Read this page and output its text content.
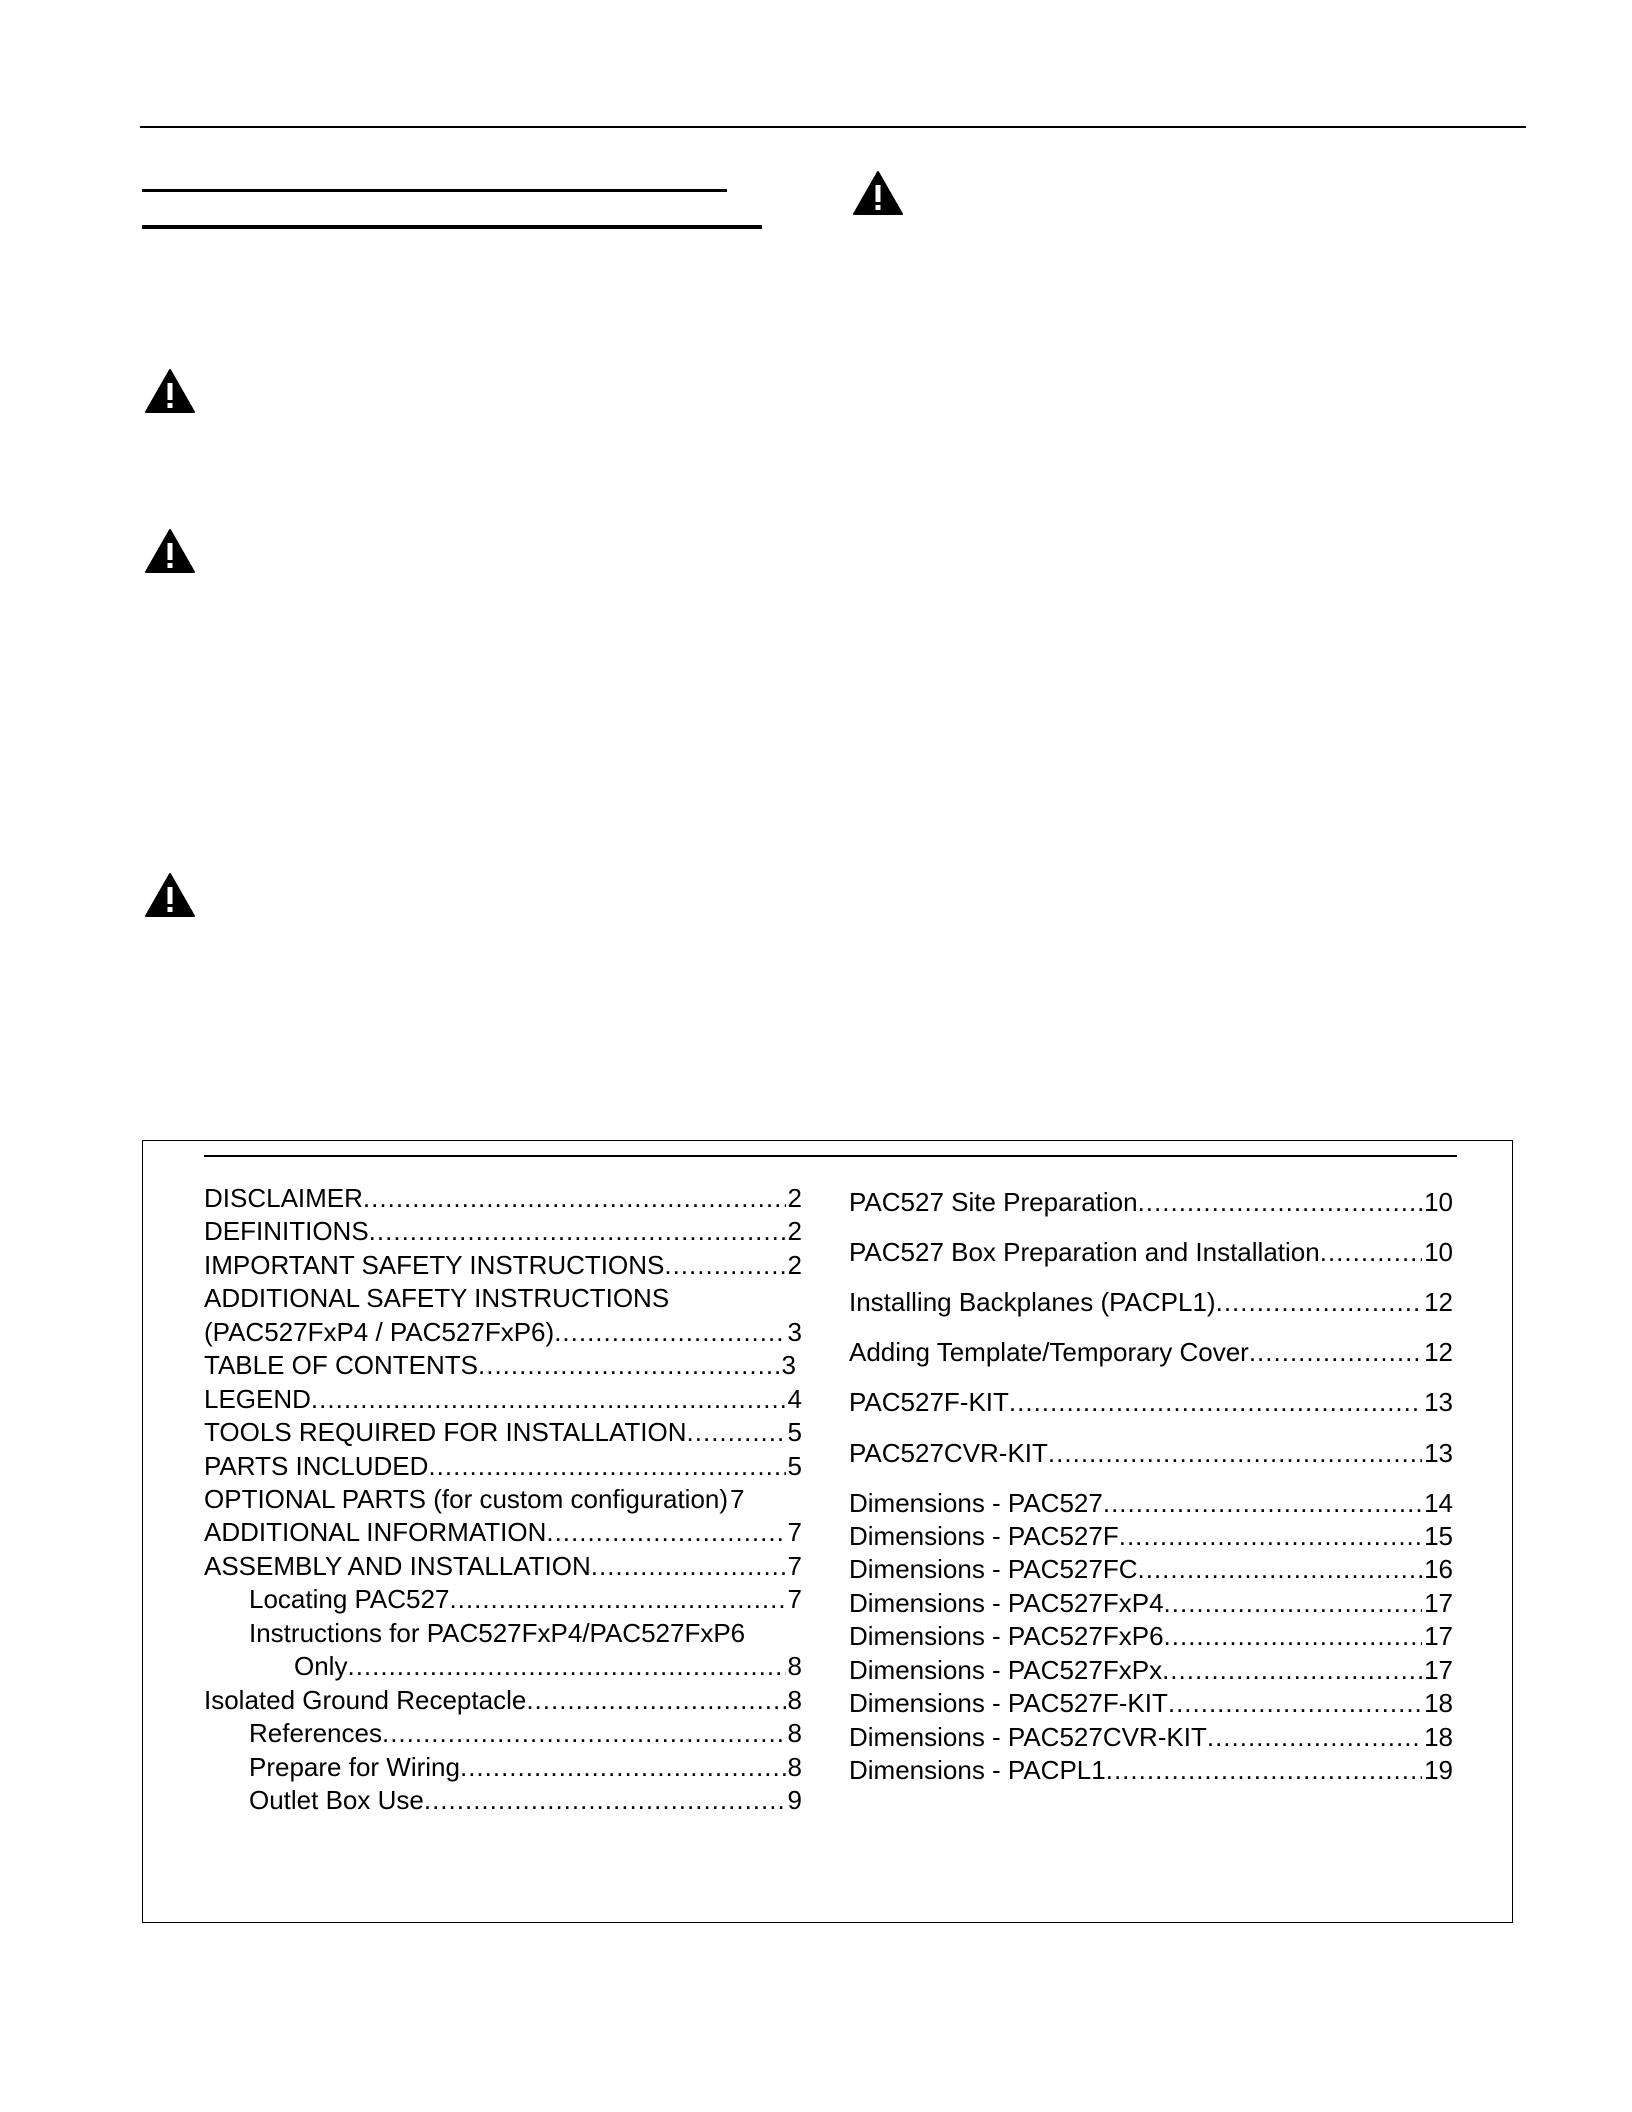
DISCLAIMER .....	2
DEFINITIONS .....	2
IMPORTANT SAFETY INSTRUCTIONS .....	2
ADDITIONAL SAFETY INSTRUCTIONS
(PAC527FxP4 / PAC527FxP6) .....	3
TABLE OF CONTENTS .....	3
LEGEND .....	4
TOOLS REQUIRED FOR INSTALLATION .....	5
PARTS INCLUDED .....	5
OPTIONAL PARTS (for custom configuration) 7
ADDITIONAL INFORMATION .....	7
ASSEMBLY AND INSTALLATION .....	7
Locating PAC527 .....	7
Instructions for PAC527FxP4/PAC527FxP6
Only .....	8
Isolated Ground Receptacle .....	8
References .....	8
Prepare for Wiring .....	8
Outlet Box Use .....	9
PAC527 Site Preparation .....	10
PAC527 Box Preparation and Installation .....	10
Installing Backplanes (PACPL1) .....	12
Adding Template/Temporary Cover .....	12
PAC527F-KIT .....	13
PAC527CVR-KIT .....	13
Dimensions - PAC527 .....	14
Dimensions - PAC527F .....	15
Dimensions - PAC527FC .....	16
Dimensions - PAC527FxP4 .....	17
Dimensions - PAC527FxP6 .....	17
Dimensions - PAC527FxPx .....	17
Dimensions - PAC527F-KIT .....	18
Dimensions - PAC527CVR-KIT .....	18
Dimensions - PACPL1 .....	19
